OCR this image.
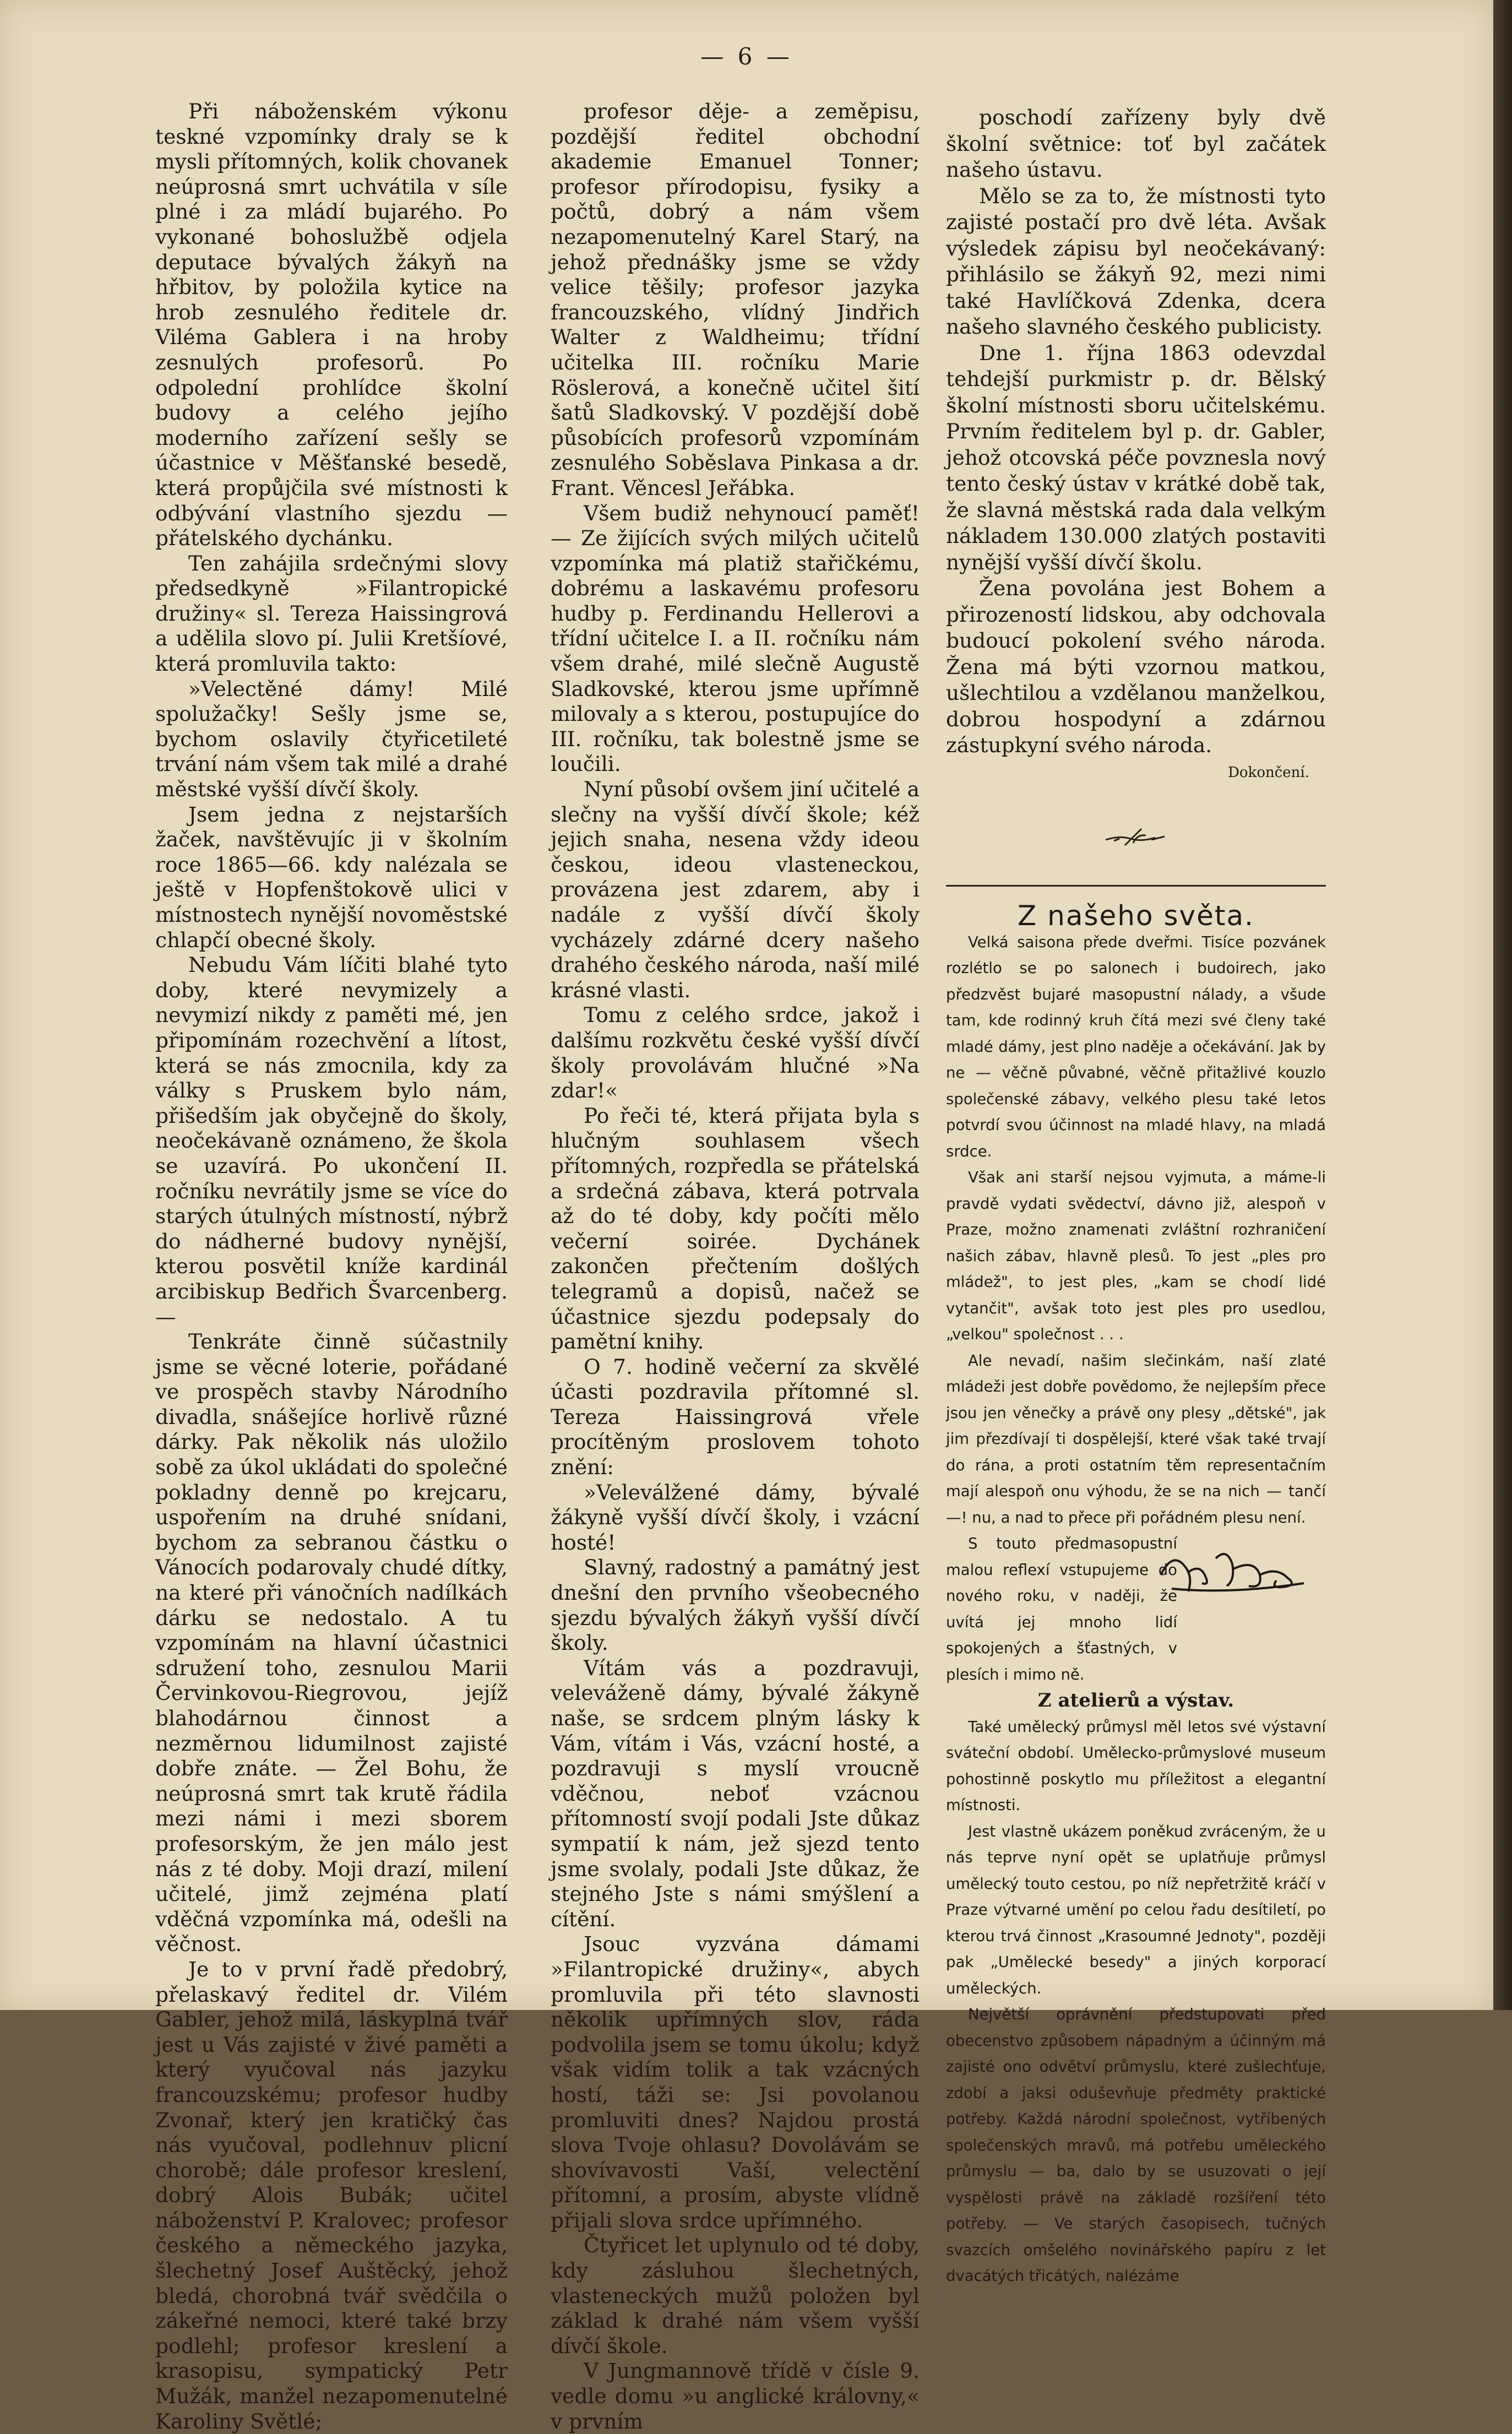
— 6 —

Při náboženském výkonu teskné vzpomínky draly se k mysli přítomných, kolik chovanek neúprosná smrt uchvátila v síle plné i za mládí bujarého. Po vykonané bohoslužbě odjela deputace bývalých žákyň na hřbitov, by položila kytice na hrob zesnulého ředitele dr. Viléma Gablera i na hroby zesnulých profesorů. Po odpolední prohlídce školní budovy a celého jejího moderního zařízení sešly se účastnice v Měšťanské besedě, která propůjčila své místnosti k odbývání vlastního sjezdu — přátelského dychánku.

Ten zahájila srdečnými slovy předsedkyně »Filantropické družiny« sl. Tereza Haissingrová a udělila slovo pí. Julii Kretšíové, která promluvila takto:

»Velectěné dámy! Milé spolužačky! Sešly jsme se, bychom oslavily čtyřicetileté trvání nám všem tak milé a drahé městské vyšší dívčí školy.

Jsem jedna z nejstarších žaček, navštěvujíc ji v školním roce 1865—66. kdy nalézala se ještě v Hopfenštokově ulici v místnostech nynější novoměstské chlapčí obecné školy.

Nebudu Vám líčiti blahé tyto doby, které nevymizely a nevymizí nikdy z paměti mé, jen připomínám rozechvění a lítost, která se nás zmocnila, kdy za války s Pruskem bylo nám, přišedším jak obyčejně do školy, neočekávaně oznámeno, že škola se uzavírá. Po ukončení II. ročníku nevrátily jsme se více do starých útulných místností, nýbrž do nádherné budovy nynější, kterou posvětil kníže kardinál arcibiskup Bedřich Švarcenberg. —

Tenkráte činně súčastnily jsme se věcné loterie, pořádané ve prospěch stavby Národního divadla, snášejíce horlivě různé dárky. Pak několik nás uložilo sobě za úkol ukládati do společné pokladny denně po krejcaru, uspořením na druhé snídani, bychom za sebranou částku o Vánocích podarovaly chudé dítky, na které při vánočních nadílkách dárku se nedostalo. A tu vzpomínám na hlavní účastnici sdružení toho, zesnulou Marii Červinkovou-Riegrovou, jejíž blahodárnou činnost a nezměrnou lidumilnost zajisté dobře znáte. — Žel Bohu, že neúprosná smrt tak krutě řádila mezi námi i mezi sborem profesorským, že jen málo jest nás z té doby. Moji drazí, milení učitelé, jimž zejména platí vděčná vzpomínka má, odešli na věčnost.

Je to v první řadě předobrý, přelaskavý ředitel dr. Vilém Gabler, jehož milá, láskyplná tvář jest u Vás zajisté v živé paměti a který vyučoval nás jazyku francouzskému; profesor hudby Zvonař, který jen kratičký čas nás vyučoval, podlehnuv plicní chorobě; dále profesor kreslení, dobrý Alois Bubák; učitel náboženství P. Kralovec; profesor českého a německého jazyka, šlechetný Josef Auštěcký, jehož bledá, chorobná tvář svědčila o zákeřné nemoci, které také brzy podlehl; profesor kreslení a krasopisu, sympatický Petr Mužák, manžel nezapomenutelné Karoliny Světlé;

profesor děje- a zeměpisu, pozdější ředitel obchodní akademie Emanuel Tonner; profesor přírodopisu, fysiky a počtů, dobrý a nám všem nezapomenutelný Karel Starý, na jehož přednášky jsme se vždy velice těšily; profesor jazyka francouzského, vlídný Jindřich Walter z Waldheimu; třídní učitelka III. ročníku Marie Röslerová, a konečně učitel šití šatů Sladkovský. V pozdější době působících profesorů vzpomínám zesnulého Soběslava Pinkasa a dr. Frant. Věncesl Jeřábka.

Všem budiž nehynoucí paměť! — Ze žijících svých milých učitelů vzpomínka má platiž stařičkému, dobrému a laskavému profesoru hudby p. Ferdinandu Hellerovi a třídní učitelce I. a II. ročníku nám všem drahé, milé slečně Augustě Sladkovské, kterou jsme upřímně milovaly a s kterou, postupujíce do III. ročníku, tak bolestně jsme se loučili.

Nyní působí ovšem jiní učitelé a slečny na vyšší dívčí škole; kéž jejich snaha, nesena vždy ideou českou, ideou vlasteneckou, provázena jest zdarem, aby i nadále z vyšší dívčí školy vycházely zdárné dcery našeho drahého českého národa, naší milé krásné vlasti.

Tomu z celého srdce, jakož i dalšímu rozkvětu české vyšší dívčí školy provolávám hlučné »Na zdar!«

Po řeči té, která přijata byla s hlučným souhlasem všech přítomných, rozpředla se přátelská a srdečná zábava, která potrvala až do té doby, kdy počíti mělo večerní soirée. Dychánek zakončen přečtením došlých telegramů a dopisů, načež se účastnice sjezdu podepsaly do pamětní knihy.

O 7. hodině večerní za skvělé účasti pozdravila přítomné sl. Tereza Haissingrová vřele procítěným proslovem tohoto znění:

»Veleválžené dámy, bývalé žákyně vyšší dívčí školy, i vzácní hosté!

Slavný, radostný a památný jest dnešní den prvního všeobecného sjezdu bývalých žákyň vyšší dívčí školy.

Vítám vás a pozdravuji, veleváženě dámy, bývalé žákyně naše, se srdcem plným lásky k Vám, vítám i Vás, vzácní hosté, a pozdravuji s myslí vroucně vděčnou, neboť vzácnou přítomností svojí podali Jste důkaz sympatií k nám, jež sjezd tento jsme svolaly, podali Jste důkaz, že stejného Jste s námi smýšlení a cítění.

Jsouc vyzvána dámami »Filantropické družiny«, abych promluvila při této slavnosti několik upřímných slov, ráda podvolila jsem se tomu úkolu; když však vidím tolik a tak vzácných hostí, táži se: Jsi povolanou promluviti dnes? Najdou prostá slova Tvoje ohlasu? Dovolávám se shovívavosti Vaší, velectění přítomní, a prosím, abyste vlídně přijali slova srdce upřímného.

Čtyřicet let uplynulo od té doby, kdy zásluhou šlechetných, vlasteneckých mužů položen byl základ k drahé nám všem vyšší dívčí škole.

V Jungmannově třídě v čísle 9. vedle domu »u anglické královny,« v prvním

poschodí zařízeny byly dvě školní světnice: toť byl začátek našeho ústavu.

Mělo se za to, že místnosti tyto zajisté postačí pro dvě léta. Avšak výsledek zápisu byl neočekávaný: přihlásilo se žákyň 92, mezi nimi také Havlíčková Zdenka, dcera našeho slavného českého publicisty.

Dne 1. října 1863 odevzdal tehdejší purkmistr p. dr. Bělský školní místnosti sboru učitelskému. Prvním ředitelem byl p. dr. Gabler, jehož otcovská péče povznesla nový tento český ústav v krátké době tak, že slavná městská rada dala velkým nákladem 130.000 zlatých postaviti nynější vyšší dívčí školu.

Žena povolána jest Bohem a přirozeností lidskou, aby odchovala budoucí pokolení svého národa. Žena má býti vzornou matkou, ušlechtilou a vzdělanou manželkou, dobrou hospodyní a zdárnou zástupkyní svého národa.

Dokončení.

Z našeho světa.

Velká saisona přede dveřmi. Tisíce pozvánek rozlétlo se po salonech i budoirech, jako předzvěst bujaré masopustní nálady, a všude tam, kde rodinný kruh čítá mezi své členy také mladé dámy, jest plno naděje a očekávání. Jak by ne — věčně půvabné, věčně přitažlivé kouzlo společenské zábavy, velkého plesu také letos potvrdí svou účinnost na mladé hlavy, na mladá srdce.

Však ani starší nejsou vyjmuta, a máme-li pravdě vydati svědectví, dávno již, alespoň v Praze, možno znamenati zvláštní rozhraničení našich zábav, hlavně plesů. To jest „ples pro mládež", to jest ples, „kam se chodí lidé vytančit", avšak toto jest ples pro usedlou, „velkou" společnost . . .

Ale nevadí, našim slečinkám, naší zlaté mládeži jest dobře povědomo, že nejlepším přece jsou jen věnečky a právě ony plesy „dětské", jak jim přezdívají ti dospělejší, které však také trvají do rána, a proti ostatním těm representačním mají alespoň onu výhodu, že se na nich — tančí —! nu, a nad to přece při pořádném plesu není.

S touto předmasopustní malou reflexí vstupujeme do nového roku, v naději, že uvítá jej mnoho lidí spokojených a šťastných, v plesích i mimo ně.

Z atelierů a výstav.

Také umělecký průmysl měl letos své výstavní sváteční období. Umělecko-průmyslové museum pohostinně poskytlo mu příležitost a elegantní místnosti.

Jest vlastně ukázem poněkud zvráceným, že u nás teprve nyní opět se uplatňuje průmysl umělecký touto cestou, po níž nepřetržitě kráčí v Praze výtvarné umění po celou řadu desítiletí, po kterou trvá činnost „Krasoumné Jednoty", později pak „Umělecké besedy" a jiných korporací uměleckých.

Největší oprávnění předstupovati před obecenstvo způsobem nápadným a účinným má zajisté ono odvětví průmyslu, které zušlechťuje, zdobí a jaksi oduševňuje předměty praktické potřeby. Každá národní společnost, vytříbených společenských mravů, má potřebu uměleckého průmyslu — ba, dalo by se usuzovati o její vyspělosti právě na základě rozšíření této potřeby. — Ve starých časopisech, tučných svazcích omšelého novinářského papíru z let dvacátých třicátých, nalézáme
